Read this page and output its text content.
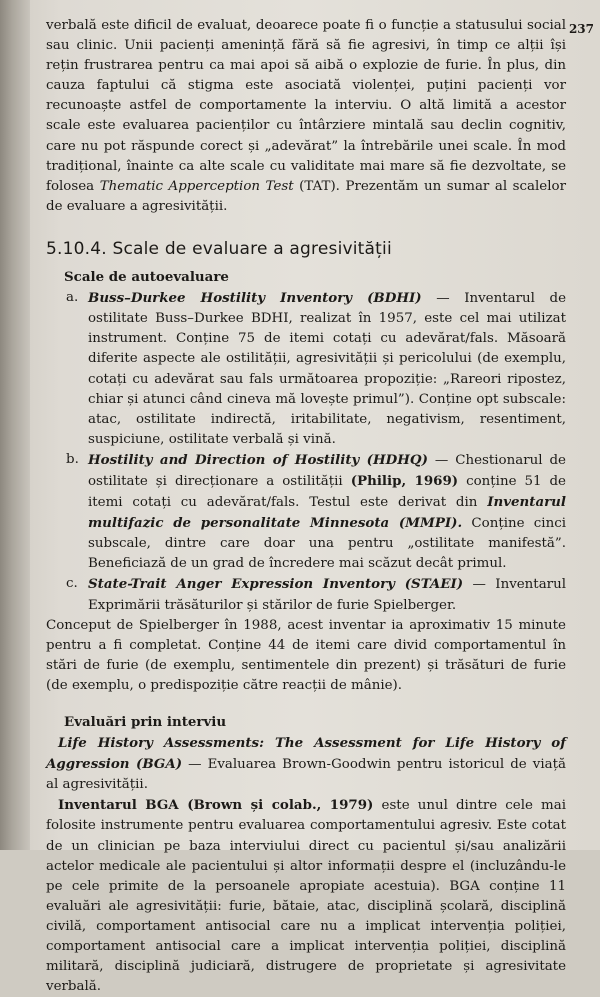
237

verbală este dificil de evaluat, deoarece poate fi o funcție a statusului social sau clinic. Unii pacienți amenință fără să fie agresivi, în timp ce alții își rețin frustrarea pentru ca mai apoi să aibă o explozie de furie. În plus, din cauza faptului că stigma este asociată violenței, puțini pacienți vor recunoaște astfel de comportamente la interviu. O altă limită a acestor scale este evaluarea pacienților cu întârziere mintală sau declin cognitiv, care nu pot răspunde corect și „adevărat” la întrebările unei scale. În mod tradițional, înainte ca alte scale cu validitate mai mare să fie dezvoltate, se folosea Thematic Apperception Test (TAT). Prezentăm un sumar al scalelor de evaluare a agresivității.

5.10.4. Scale de evaluare a agresivității
Scale de autoevaluare
a. Buss–Durkee Hostility Inventory (BDHI) — Inventarul de ostilitate Buss–Durkee BDHI, realizat în 1957, este cel mai utilizat instrument. Conține 75 de itemi cotați cu adevărat/fals. Măsoară diferite aspecte ale ostilității, agresivității și pericolului (de exemplu, cotați cu adevărat sau fals următoarea propoziție: „Rareori ripostez, chiar și atunci când cineva mă lovește primul”). Conține opt subscale: atac, ostilitate indirectă, iritabilitate, negativism, resentiment, suspiciune, ostilitate verbală și vină.
b. Hostility and Direction of Hostility (HDHQ) — Chestionarul de ostilitate și direcționare a ostilității (Philip, 1969) conține 51 de itemi cotați cu adevărat/fals. Testul este derivat din Inventarul multifazic de personalitate Minnesota (MMPI). Conține cinci subscale, dintre care doar una pentru „ostilitate manifestă”. Beneficiază de un grad de încredere mai scăzut decât primul.
c. State-Trait Anger Expression Inventory (STAEI) — Inventarul Exprimării trăsăturilor și stărilor de furie Spielberger.

Conceput de Spielberger în 1988, acest inventar ia aproximativ 15 minute pentru a fi completat. Conține 44 de itemi care divid comportamentul în stări de furie (de exemplu, sentimentele din prezent) și trăsături de furie (de exemplu, o predispoziție către reacții de mânie).

Evaluări prin interviu

Life History Assessments: The Assessment for Life History of Aggression (BGA) — Evaluarea Brown-Goodwin pentru istoricul de viață al agresivității.

Inventarul BGA (Brown și colab., 1979) este unul dintre cele mai folosite instrumente pentru evaluarea comportamentului agresiv. Este cotat de un clinician pe baza interviului direct cu pacientul și/sau analizării actelor medicale ale pacientului și altor informații despre el (incluzându-le pe cele primite de la persoanele apropiate acestuia). BGA conține 11 evaluări ale agresivității: furie, bătaie, atac, disciplină școlară, disciplină civilă, comportament antisocial care nu a implicat intervenția poliției, comportament antisocial care a implicat intervenția poliției, disciplină militară, disciplină judiciară, distrugere de proprietate și agresivitate verbală.
